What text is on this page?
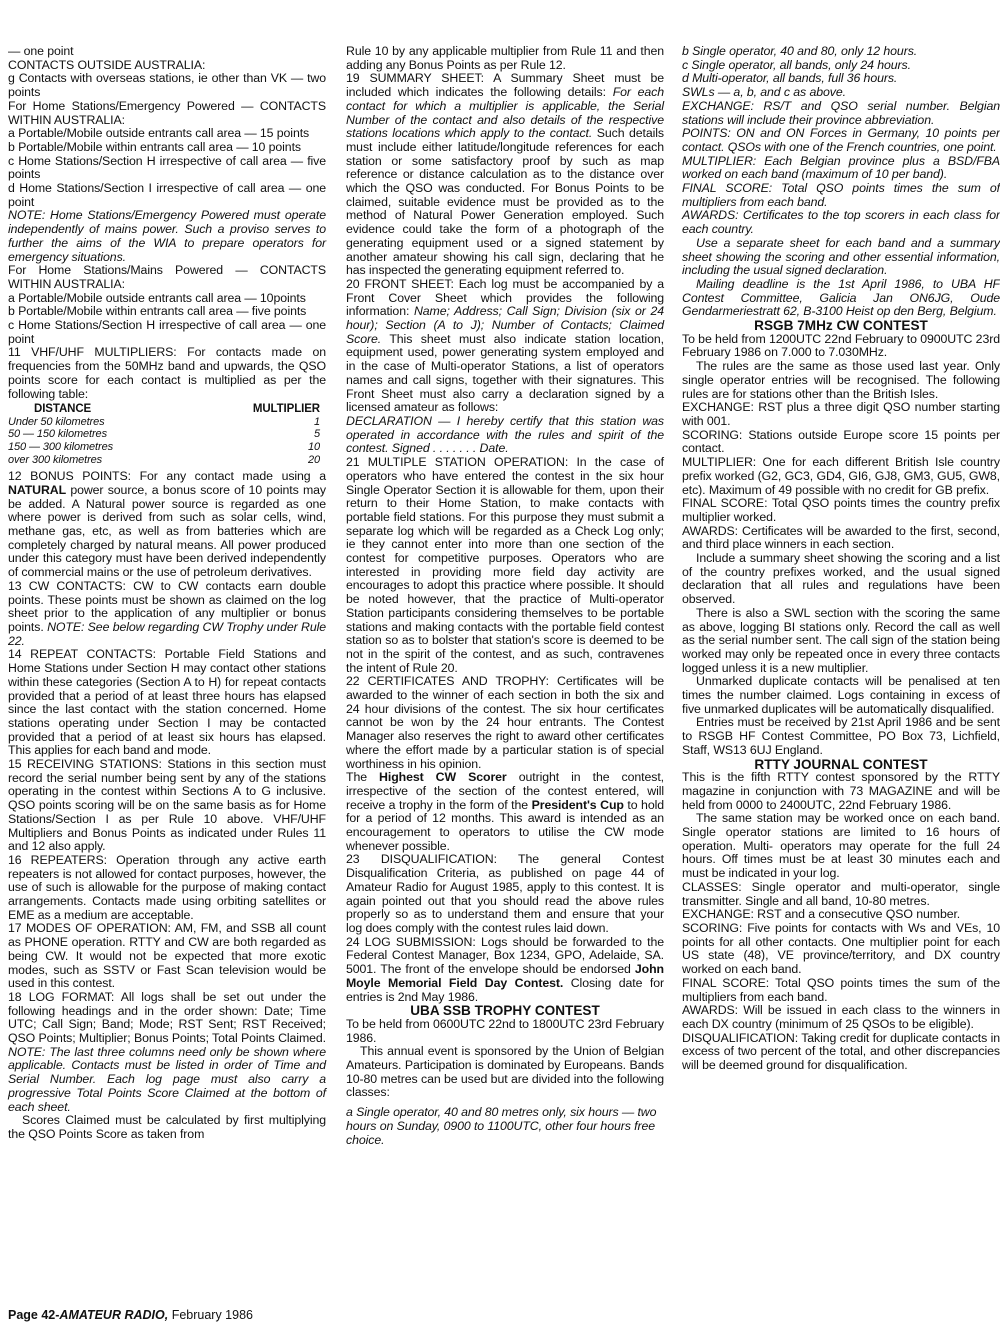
— one point

CONTACTS OUTSIDE AUSTRALIA:

g Contacts with overseas stations, ie other than VK — two points

For Home Stations/Emergency Powered — CONTACTS WITHIN AUSTRALIA:

a Portable/Mobile outside entrants call area — 15 points

b Portable/Mobile within entrants call area — 10 points

c Home Stations/Section H irrespective of call area — five points

d Home Stations/Section I irrespective of call area — one point

NOTE: Home Stations/Emergency Powered must operate independently of mains power. Such a proviso serves to further the aims of the WIA to prepare operators for emergency situations.

For Home Stations/Mains Powered — CONTACTS WITHIN AUSTRALIA:

a Portable/Mobile outside entrants call area — 10points

b Portable/Mobile within entrants call area — five points

c Home Stations/Section H irrespective of call area — one point

11 VHF/UHF MULTIPLIERS: For contacts made on frequencies from the 50MHz band and upwards, the QSO points score for each contact is multiplied as per the following table:

DISTANCE	MULTIPLIER
Under 50 kilometres	1
50 — 150 kilometres	5
150 — 300 kilometres	10
over 300 kilometres	20

12 BONUS POINTS: For any contact made using a NATURAL power source, a bonus score of 10 points may be added. A Natural power source is regarded as one where power is derived from such as solar cells, wind, methane gas, etc, as well as from batteries which are completely charged by natural means. All power produced under this category must have been derived independently of commercial mains or the use of petroleum derivatives.

13 CW CONTACTS: CW to CW contacts earn double points. These points must be shown as claimed on the log sheet prior to the application of any multiplier or bonus points. NOTE: See below regarding CW Trophy under Rule 22.

14 REPEAT CONTACTS: Portable Field Stations and Home Stations under Section H may contact other stations within these categories (Section A to H) for repeat contacts provided that a period of at least three hours has elapsed since the last contact with the station concerned. Home stations operating under Section I may be contacted provided that a period of at least six hours has elapsed. This applies for each band and mode.

15 RECEIVING STATIONS: Stations in this section must record the serial number being sent by any of the stations operating in the contest within Sections A to G inclusive. QSO points scoring will be on the same basis as for Home Stations/Section I as per Rule 10 above. VHF/UHF Multipliers and Bonus Points as indicated under Rules 11 and 12 also apply.

16 REPEATERS: Operation through any active earth repeaters is not allowed for contact purposes, however, the use of such is allowable for the purpose of making contact arrangements. Contacts made using orbiting satellites or EME as a medium are acceptable.

17 MODES OF OPERATION: AM, FM, and SSB all count as PHONE operation. RTTY and CW are both regarded as being CW. It would not be expected that more exotic modes, such as SSTV or Fast Scan television would be used in this contest.

18 LOG FORMAT: All logs shall be set out under the following headings and in the order shown: Date; Time UTC; Call Sign; Band; Mode; RST Sent; RST Received; QSO Points; Multiplier; Bonus Points; Total Points Claimed. NOTE: The last three columns need only be shown where applicable. Contacts must be listed in order of Time and Serial Number. Each log page must also carry a progressive Total Points Score Claimed at the bottom of each sheet.

Scores Claimed must be calculated by first multiplying the QSO Points Score as taken from

Rule 10 by any applicable multiplier from Rule 11 and then adding any Bonus Points as per Rule 12.

19 SUMMARY SHEET: A Summary Sheet must be included which indicates the following details: For each contact for which a multiplier is applicable, the Serial Number of the contact and also details of the respective stations locations which apply to the contact. Such details must include either latitude/longitude references for each station or some satisfactory proof by such as map reference or distance calculation as to the distance over which the QSO was conducted. For Bonus Points to be claimed, suitable evidence must be provided as to the method of Natural Power Generation employed. Such evidence could take the form of a photograph of the generating equipment used or a signed statement by another amateur showing his call sign, declaring that he has inspected the generating equipment referred to.

20 FRONT SHEET: Each log must be accompanied by a Front Cover Sheet which provides the following information: Name; Address; Call Sign; Division (six or 24 hour); Section (A to J); Number of Contacts; Claimed Score. This sheet must also indicate station location, equipment used, power generating system employed and in the case of Multi-operator Stations, a list of operators names and call signs, together with their signatures. This Front Sheet must also carry a declaration signed by a licensed amateur as follows:

DECLARATION — I hereby certify that this station was operated in accordance with the rules and spirit of the contest. Signed . . . . . . . Date.

21 MULTIPLE STATION OPERATION: In the case of operators who have entered the contest in the six hour Single Operator Section it is allowable for them, upon their return to their Home Station, to make contacts with portable field stations. For this purpose they must submit a separate log which will be regarded as a Check Log only; ie they cannot enter into more than one section of the contest for competitive purposes. Operators who are interested in providing more field day activity are encourages to adopt this practice where possible. It should be noted however, that the practice of Multi-operator Station participants considering themselves to be portable stations and making contacts with the portable field contest station so as to bolster that station's score is deemed to be not in the spirit of the contest, and as such, contravenes the intent of Rule 20.

22 CERTIFICATES AND TROPHY: Certificates will be awarded to the winner of each section in both the six and 24 hour divisions of the contest. The six hour certificates cannot be won by the 24 hour entrants. The Contest Manager also reserves the right to award other certificates where the effort made by a particular station is of special worthiness in his opinion.

The Highest CW Scorer outright in the contest, irrespective of the section of the contest entered, will receive a trophy in the form of the President's Cup to hold for a period of 12 months. This award is intended as an encouragement to operators to utilise the CW mode whenever possible.

23 DISQUALIFICATION: The general Contest Disqualification Criteria, as published on page 44 of Amateur Radio for August 1985, apply to this contest. It is again pointed out that you should read the above rules properly so as to understand them and ensure that your log does comply with the contest rules laid down.

24 LOG SUBMISSION: Logs should be forwarded to the Federal Contest Manager, Box 1234, GPO, Adelaide, SA. 5001. The front of the envelope should be endorsed John Moyle Memorial Field Day Contest. Closing date for entries is 2nd May 1986.

UBA SSB TROPHY CONTEST

To be held from 0600UTC 22nd to 1800UTC 23rd February 1986.

This annual event is sponsored by the Union of Belgian Amateurs. Participation is dominated by Europeans. Bands 10-80 metres can be used but are divided into the following classes:

a Single operator, 40 and 80 metres only, six hours — two hours on Sunday, 0900 to 1100UTC, other four hours free choice.

b Single operator, 40 and 80, only 12 hours.

c Single operator, all bands, only 24 hours.

d Multi-operator, all bands, full 36 hours.

SWLs — a, b, and c as above.

EXCHANGE: RS/T and QSO serial number. Belgian stations will include their province abbreviation.

POINTS: ON and ON Forces in Germany, 10 points per contact. QSOs with one of the French countries, one point.

MULTIPLIER: Each Belgian province plus a BSD/FBA worked on each band (maximum of 10 per band).

FINAL SCORE: Total QSO points times the sum of multipliers from each band.

AWARDS: Certificates to the top scorers in each class for each country.

Use a separate sheet for each band and a summary sheet showing the scoring and other essential information, including the usual signed declaration.

Mailing deadline is the 1st April 1986, to UBA HF Contest Committee, Galicia Jan ON6JG, Oude Gendarmeriestratt 62, B-3100 Heist op den Berg, Belgium.

RSGB 7MHz CW CONTEST

To be held from 1200UTC 22nd February to 0900UTC 23rd February 1986 on 7.000 to 7.030MHz.

The rules are the same as those used last year. Only single operator entries will be recognised. The following rules are for stations other than the British Isles.

EXCHANGE: RST plus a three digit QSO number starting with 001.

SCORING: Stations outside Europe score 15 points per contact.

MULTIPLIER: One for each different British Isle country prefix worked (G2, GC3, GD4, GI6, GJ8, GM3, GU5, GW8, etc). Maximum of 49 possible with no credit for GB prefix.

FINAL SCORE: Total QSO points times the country prefix multiplier worked.

AWARDS: Certificates will be awarded to the first, second, and third place winners in each section.

Include a summary sheet showing the scoring and a list of the country prefixes worked, and the usual signed declaration that all rules and regulations have been observed.

There is also a SWL section with the scoring the same as above, logging BI stations only. Record the call as well as the serial number sent. The call sign of the station being worked may only be repeated once in every three contacts logged unless it is a new multiplier.

Unmarked duplicate contacts will be penalised at ten times the number claimed. Logs containing in excess of five unmarked duplicates will be automatically disqualified.

Entries must be received by 21st April 1986 and be sent to RSGB HF Contest Committee, PO Box 73, Lichfield, Staff, WS13 6UJ England.

RTTY JOURNAL CONTEST

This is the fifth RTTY contest sponsored by the RTTY magazine in conjunction with 73 MAGAZINE and will be held from 0000 to 2400UTC, 22nd February 1986.

The same station may be worked once on each band. Single operator stations are limited to 16 hours of operation. Multi- operators may operate for the full 24 hours. Off times must be at least 30 minutes each and must be indicated in your log.

CLASSES: Single operator and multi-operator, single transmitter. Single and all band, 10-80 metres.

EXCHANGE: RST and a consecutive QSO number.

SCORING: Five points for contacts with Ws and VEs, 10 points for all other contacts. One multiplier point for each US state (48), VE province/territory, and DX country worked on each band.

FINAL SCORE: Total QSO points times the sum of the multipliers from each band.

AWARDS: Will be issued in each class to the winners in each DX country (minimum of 25 QSOs to be eligible).

DISQUALIFICATION: Taking credit for duplicate contacts in excess of two percent of the total, and other discrepancies will be deemed ground for disqualification.

Page 42-AMATEUR RADIO, February 1986
